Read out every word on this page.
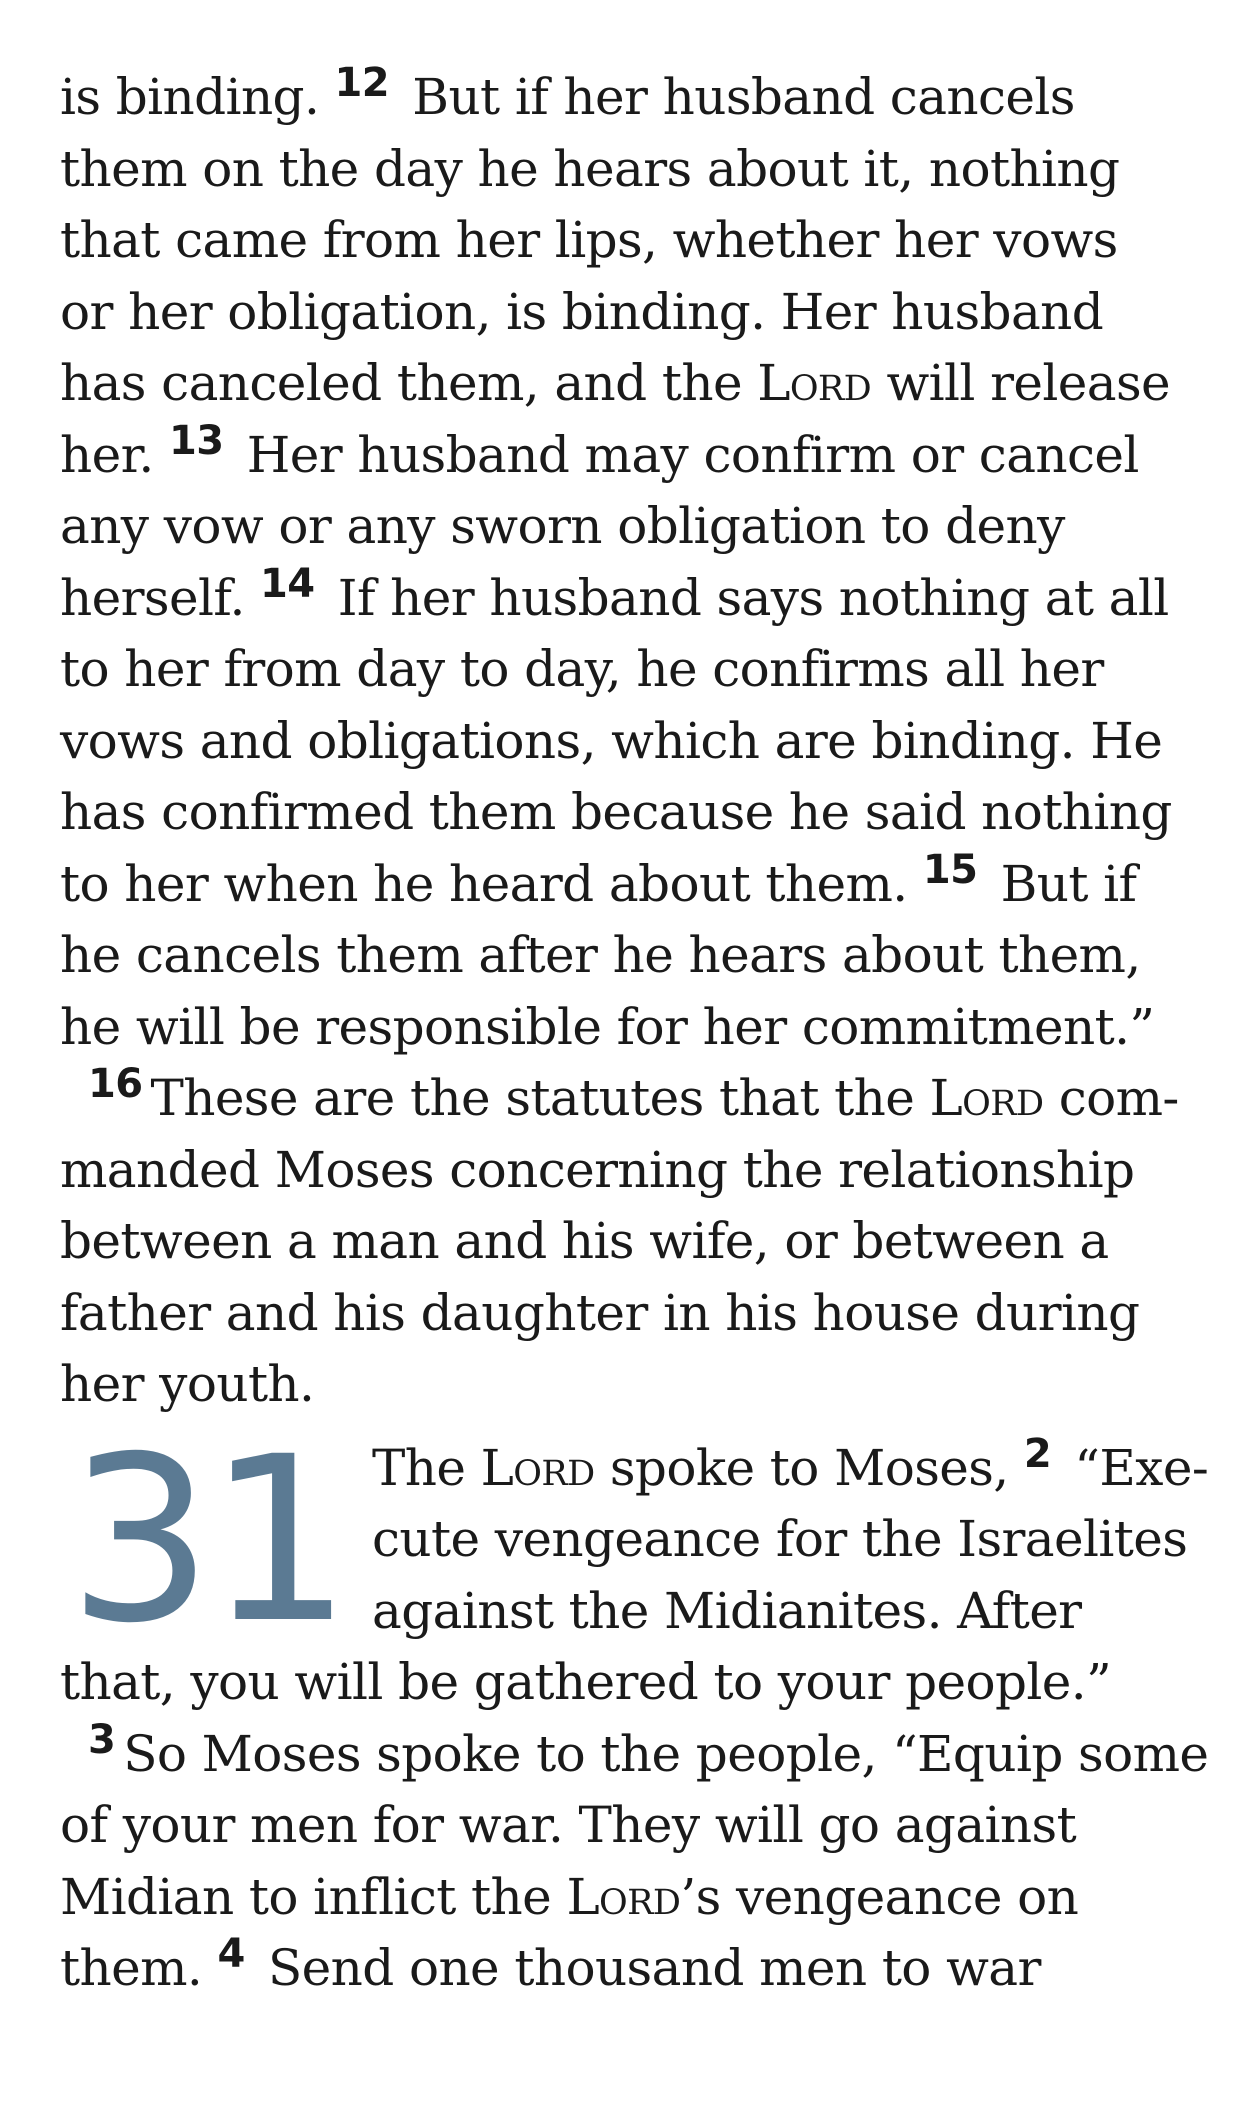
is binding. $^{12}$ But if her husband cancels
them on the day he hears about it, nothing
that came from her lips, whether her vows
or her obligation, is binding. Her husband
has canceled them, and the Lord will release
her. $^{13}$ Her husband may confirm or cancel
any vow or any sworn obligation to deny
herself. $^{14}$ If her husband says nothing at all
to her from day to day, he confirms all her
vows and obligations, which are binding. He
has confirmed them because he said nothing
to her when he heard about them. $^{15}$ But if
he cancels them after he hears about them,
he will be responsible for her commitment.”
$^{16}$ These are the statutes that the Lord com-
manded Moses concerning the relationship
between a man and his wife, or between a
father and his daughter in his house during
her youth.
31 The Lord spoke to Moses, $^2$ “Exe-
cute vengeance for the Israelites
against the Midianites. After
that, you will be gathered to your people.”
$^3$ So Moses spoke to the people, “Equip some
of your men for war. They will go against
Midian to inflict the Lord’s vengeance on
them. $^4$ Send one thousand men to war
